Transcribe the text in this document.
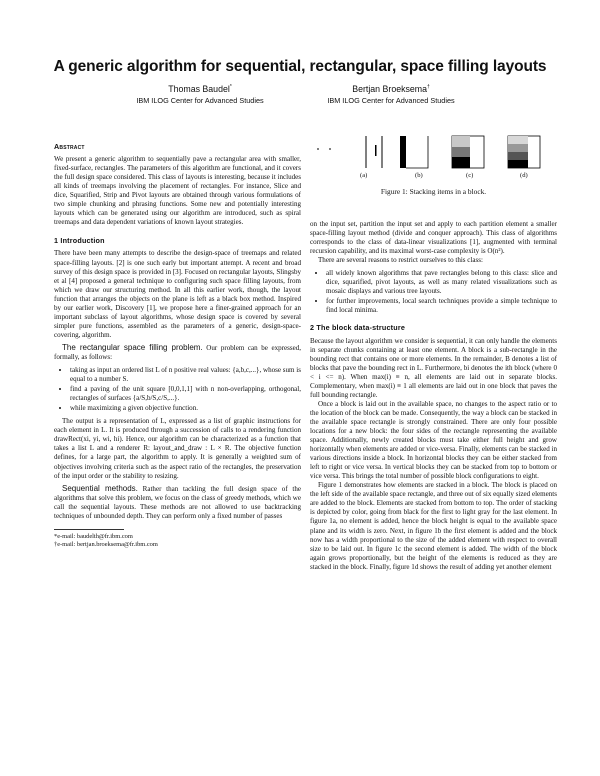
A generic algorithm for sequential, rectangular, space filling layouts
Thomas Baudel*
IBM ILOG Center for Advanced Studies
Bertjan Broeksema†
IBM ILOG Center for Advanced Studies
(a)	(b)	(c)	(d)
Figure 1: Stacking items in a block.
Abstract

We present a generic algorithm to sequentially pave a rectangular area with smaller, fixed-surface, rectangles. The parameters of this algorithm are functional, and it covers the full design space considered. This class of layouts is interesting, because it includes all kinds of treemaps involving the placement of rectangles. For instance, Slice and dice, Squarified, Strip and Pivot layouts are obtained through various formulations of two simple chunking and phrasing functions. Some new and potentially interesting layouts which can be generated using our algorithm are introduced, such as spiral treemaps and data dependent variations of known layout strategies.

1 Introduction

There have been many attempts to describe the design-space of treemaps and related space-filling layouts. [2] is one such early but important attempt. A recent and broad survey of this design space is provided in [3]. Focused on rectangular layouts, Slingsby et al [4] proposed a general technique to configuring such space filling layouts, from which we draw our structuring method. In all this earlier work, though, the layout function that arranges the objects on the plane is left as a black box method. Inspired by our earlier work, Discovery [1], we propose here a finer-grained approach for an important subclass of layout algorithms, whose design space is covered by several simpler pure functions, assembled as the parameters of a generic, design-space-covering, algorithm.

The rectangular space filling problem. Our problem can be expressed, formally, as follows:

• taking as input an ordered list L of n positive real values: {a,b,c,...}, whose sum is equal to a number S.
• find a paving of the unit square [0,0,1,1] with n non-overlapping, orthogonal, rectangles of surfaces {a/S,b/S,c/S,...}.
• while maximizing a given objective function.

The output is a representation of L, expressed as a list of graphic instructions for each element in L. It is produced through a succession of calls to a rendering function drawRect(xi, yi, wi, hi). Hence, our algorithm can be characterized as a function that takes a list L and a renderer R: layout_and_draw : L × R. The objective function defines, for a large part, the algorithm to apply. It is generally a weighted sum of objectives involving criteria such as the aspect ratio of the rectangles, the preservation of the input order or the stability to resizing.

Sequential methods. Rather than tackling the full design space of the algorithms that solve this problem, we focus on the class of greedy methods, which we call the sequential layouts. These methods are not allowed to use backtracking techniques of unbounded depth. They can perform only a fixed number of passes

*e-mail: baudelth@fr.ibm.com
†e-mail: bertjan.broeksema@fr.ibm.com

on the input set, partition the input set and apply to each partition element a smaller space-filling layout method (divide and conquer approach). This class of algorithms corresponds to the class of data-linear visualizations [1], augmented with terminal recursion capability, and its maximal worst-case complexity is O(n²).

There are several reasons to restrict ourselves to this class:

• all widely known algorithms that pave rectangles belong to this class: slice and dice, squarified, pivot layouts, as well as many related visualizations such as mosaic displays and various tree layouts.
• for further improvements, local search techniques provide a simple technique to find local minima.
2 The block data-structure

Because the layout algorithm we consider is sequential, it can only handle the elements in separate chunks containing at least one element. A block is a sub-rectangle in the bounding rect that contains one or more elements. In the remainder, B denotes a list of blocks that pave the bounding rect in L. Furthermore, bi denotes the ith block (where 0 < i <= n). When max(i) ≡ n, all elements are laid out in separate blocks. Complementary, when max(i) ≡ 1 all elements are laid out in one block that paves the full bounding rectangle.

Once a block is laid out in the available space, no changes to the aspect ratio or to the location of the block can be made. Consequently, the way a block can be stacked in the available space rectangle is strongly constrained. There are only four possible locations for a new block: the four sides of the rectangle representing the available space. Additionally, newly created blocks must take either full height and grow horizontally when elements are added or vice-versa. Finally, elements can be stacked in various directions inside a block. In horizontal blocks they can be either stacked from left to right or vice versa. In vertical blocks they can be stacked from top to bottom or vice versa. This brings the total number of possible block configurations to eight.

Figure 1 demonstrates how elements are stacked in a block. The block is placed on the left side of the available space rectangle, and three out of six equally sized elements are added to the block. Elements are stacked from bottom to top. The order of stacking is depicted by color, going from black for the first to light gray for the last element. In figure 1a, no element is added, hence the block height is equal to the available space plane and its width is zero. Next, in figure 1b the first element is added and the block now has a width proportional to the size of the added element with respect to overall size to be laid out. In figure 1c the second element is added. The width of the block again grows proportionally, but the height of the elements is reduced as they are stacked in the block. Finally, figure 1d shows the result of adding yet another element
